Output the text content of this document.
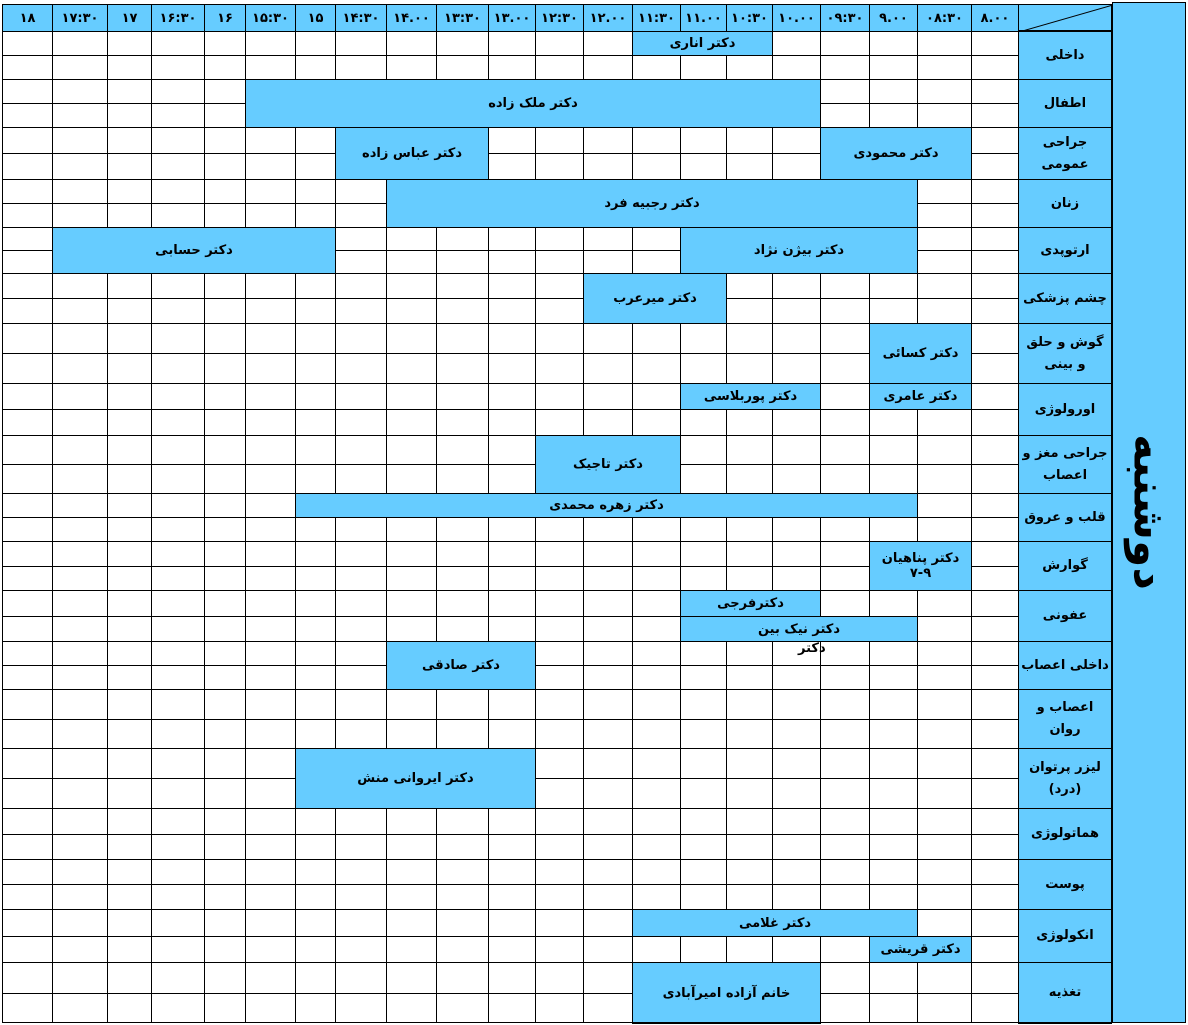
۸.۰۰
۰۸:۳۰
۹.۰۰
۰۹:۳۰
۱۰.۰۰
۱۰:۳۰
۱۱.۰۰
۱۱:۳۰
۱۲.۰۰
۱۲:۳۰
۱۳.۰۰
۱۳:۳۰
۱۴.۰۰
۱۴:۳۰
۱۵
۱۵:۳۰
۱۶
۱۶:۳۰
۱۷
۱۷:۳۰
۱۸
داخلی
دکتر اناری
اطفال
دکتر ملک زاده
جراحی عمومی
دکتر محمودی
دکتر عباس زاده
زنان
دکتر رجبیه فرد
ارتوپدی
دکتر بیژن نژاد
دکتر حسابی
چشم پزشکی
دکتر میرعرب
گوش و حلق و بینی
دکتر کسائی
اورولوژی
دکتر عامری
دکتر پوربلاسی
جراحی مغز و اعصاب
دکتر تاجیک
قلب و عروق
دکتر زهره محمدی
گوارش
دکتر پناهیان ۹-۷
عفونی
دکترفرجی
دکتر نیک بین
داخلی اعصاب
دکتر صادقی
دکتر
اعصاب و روان
لیزر پرتوان (درد)
دکتر ایروانی منش
هماتولوژی
پوست
انکولوژی
دکتر غلامی
دکتر قریشی
تغذیه
خانم آزاده امیرآبادی
دوشنبه
